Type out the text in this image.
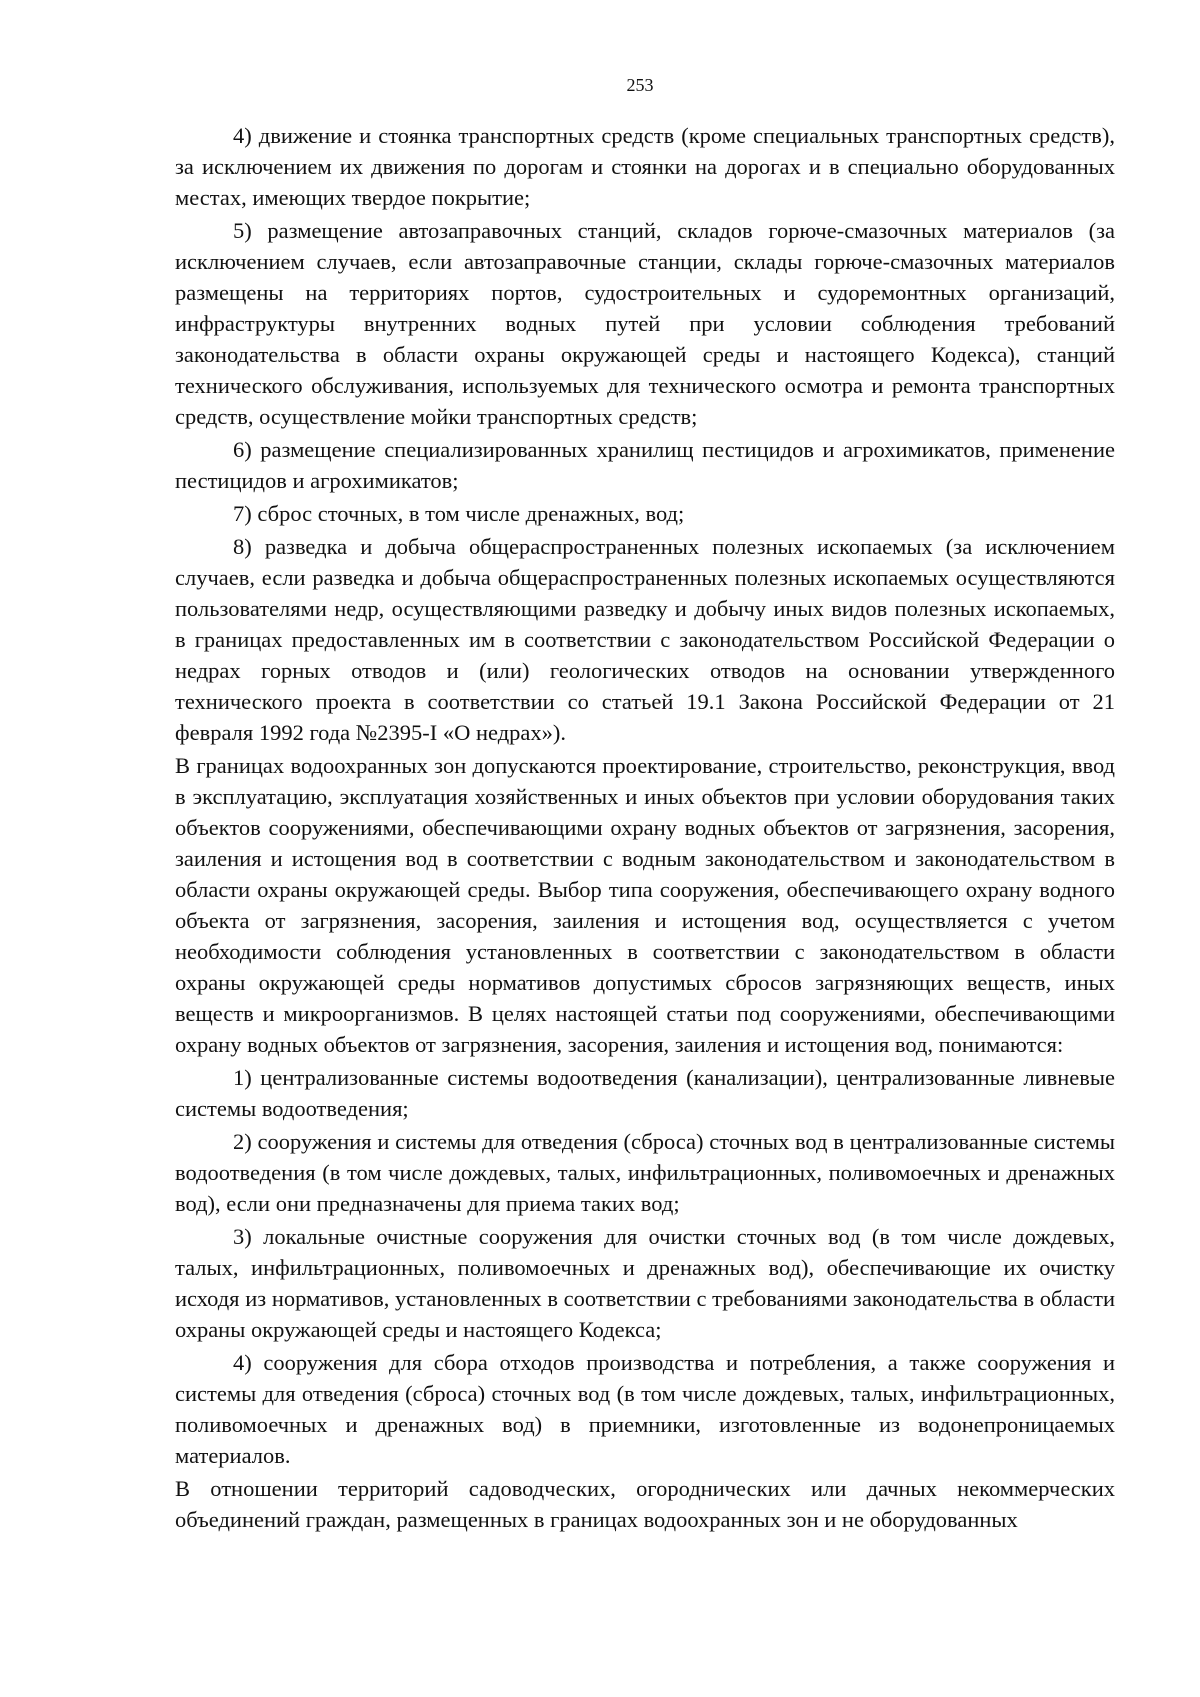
253

4) движение и стоянка транспортных средств (кроме специальных транспортных средств), за исключением их движения по дорогам и стоянки на дорогах и в специально оборудованных местах, имеющих твердое покрытие;

5) размещение автозаправочных станций, складов горюче-смазочных материалов (за исключением случаев, если автозаправочные станции, склады горюче-смазочных материалов размещены на территориях портов, судостроительных и судоремонтных организаций, инфраструктуры внутренних водных путей при условии соблюдения требований законодательства в области охраны окружающей среды и настоящего Кодекса), станций технического обслуживания, используемых для технического осмотра и ремонта транспортных средств, осуществление мойки транспортных средств;

6) размещение специализированных хранилищ пестицидов и агрохимикатов, применение пестицидов и агрохимикатов;

7) сброс сточных, в том числе дренажных, вод;

8) разведка и добыча общераспространенных полезных ископаемых (за исключением случаев, если разведка и добыча общераспространенных полезных ископаемых осуществляются пользователями недр, осуществляющими разведку и добычу иных видов полезных ископаемых, в границах предоставленных им в соответствии с законодательством Российской Федерации о недрах горных отводов и (или) геологических отводов на основании утвержденного технического проекта в соответствии со статьей 19.1 Закона Российской Федерации от 21 февраля 1992 года №2395-I «О недрах»).

В границах водоохранных зон допускаются проектирование, строительство, реконструкция, ввод в эксплуатацию, эксплуатация хозяйственных и иных объектов при условии оборудования таких объектов сооружениями, обеспечивающими охрану водных объектов от загрязнения, засорения, заиления и истощения вод в соответствии с водным законодательством и законодательством в области охраны окружающей среды. Выбор типа сооружения, обеспечивающего охрану водного объекта от загрязнения, засорения, заиления и истощения вод, осуществляется с учетом необходимости соблюдения установленных в соответствии с законодательством в области охраны окружающей среды нормативов допустимых сбросов загрязняющих веществ, иных веществ и микроорганизмов. В целях настоящей статьи под сооружениями, обеспечивающими охрану водных объектов от загрязнения, засорения, заиления и истощения вод, понимаются:

1) централизованные системы водоотведения (канализации), централизованные ливневые системы водоотведения;

2) сооружения и системы для отведения (сброса) сточных вод в централизованные системы водоотведения (в том числе дождевых, талых, инфильтрационных, поливомоечных и дренажных вод), если они предназначены для приема таких вод;

3) локальные очистные сооружения для очистки сточных вод (в том числе дождевых, талых, инфильтрационных, поливомоечных и дренажных вод), обеспечивающие их очистку исходя из нормативов, установленных в соответствии с требованиями законодательства в области охраны окружающей среды и настоящего Кодекса;

4) сооружения для сбора отходов производства и потребления, а также сооружения и системы для отведения (сброса) сточных вод (в том числе дождевых, талых, инфильтрационных, поливомоечных и дренажных вод) в приемники, изготовленные из водонепроницаемых материалов.

В отношении территорий садоводческих, огороднических или дачных некоммерческих объединений граждан, размещенных в границах водоохранных зон и не оборудованных
